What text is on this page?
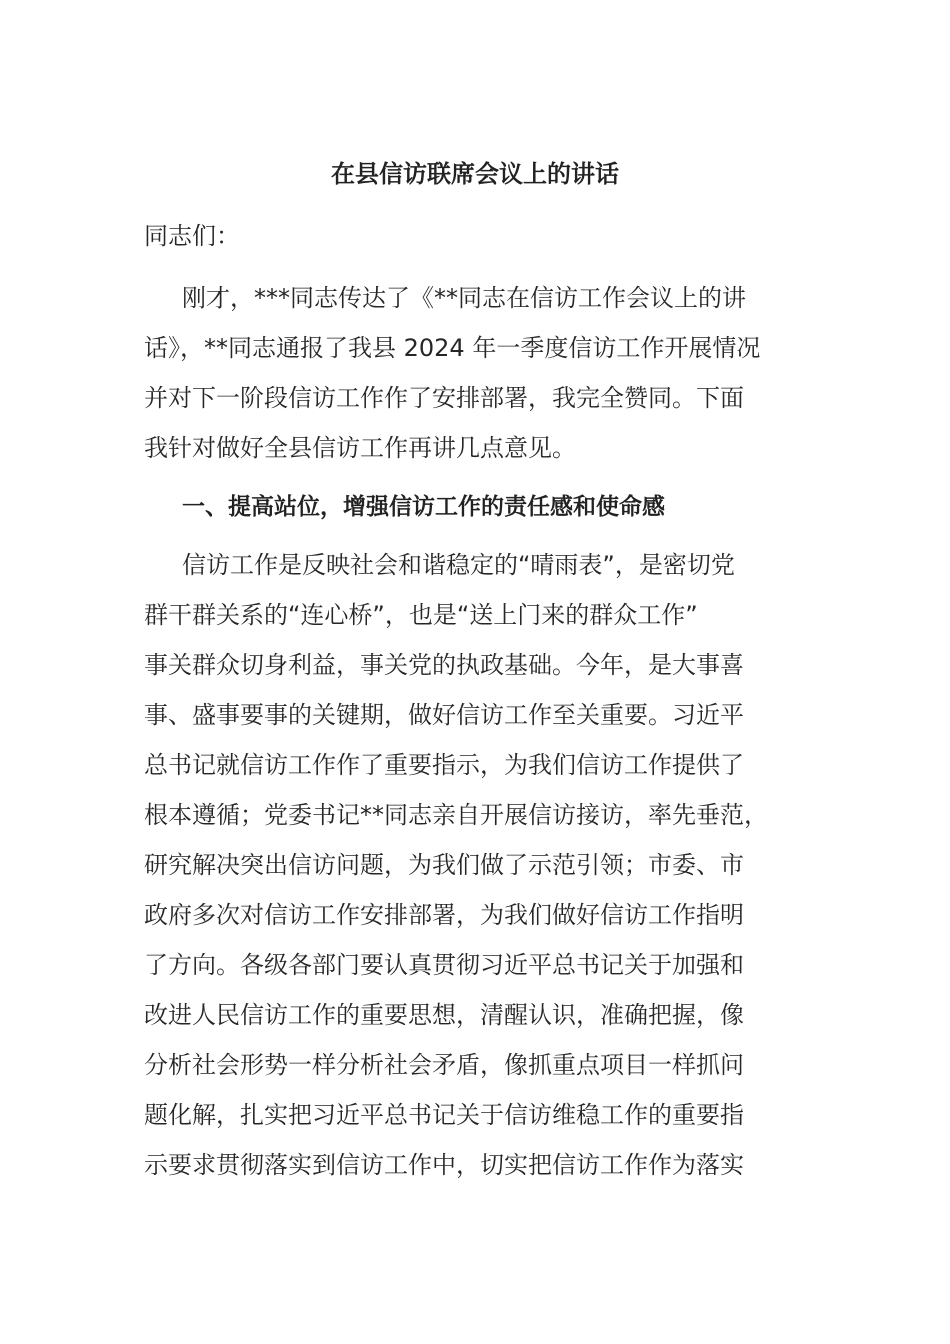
在县信访联席会议上的讲话

同志们：

刚才，***同志传达了《**同志在信访工作会议上的讲
话》，**同志通报了我县 2024 年一季度信访工作开展情况
并对下一阶段信访工作作了安排部署，我完全赞同。下面
我针对做好全县信访工作再讲几点意见。

一、提高站位，增强信访工作的责任感和使命感

信访工作是反映社会和谐稳定的“晴雨表”，是密切党
群干群关系的“连心桥”，也是“送上门来的群众工作”
事关群众切身利益，事关党的执政基础。今年，是大事喜
事、盛事要事的关键期，做好信访工作至关重要。习近平
总书记就信访工作作了重要指示，为我们信访工作提供了
根本遵循；党委书记**同志亲自开展信访接访，率先垂范，
研究解决突出信访问题，为我们做了示范引领；市委、市
政府多次对信访工作安排部署，为我们做好信访工作指明
了方向。各级各部门要认真贯彻习近平总书记关于加强和
改进人民信访工作的重要思想，清醒认识，准确把握，像
分析社会形势一样分析社会矛盾，像抓重点项目一样抓问
题化解，扎实把习近平总书记关于信访维稳工作的重要指
示要求贯彻落实到信访工作中，切实把信访工作作为落实
